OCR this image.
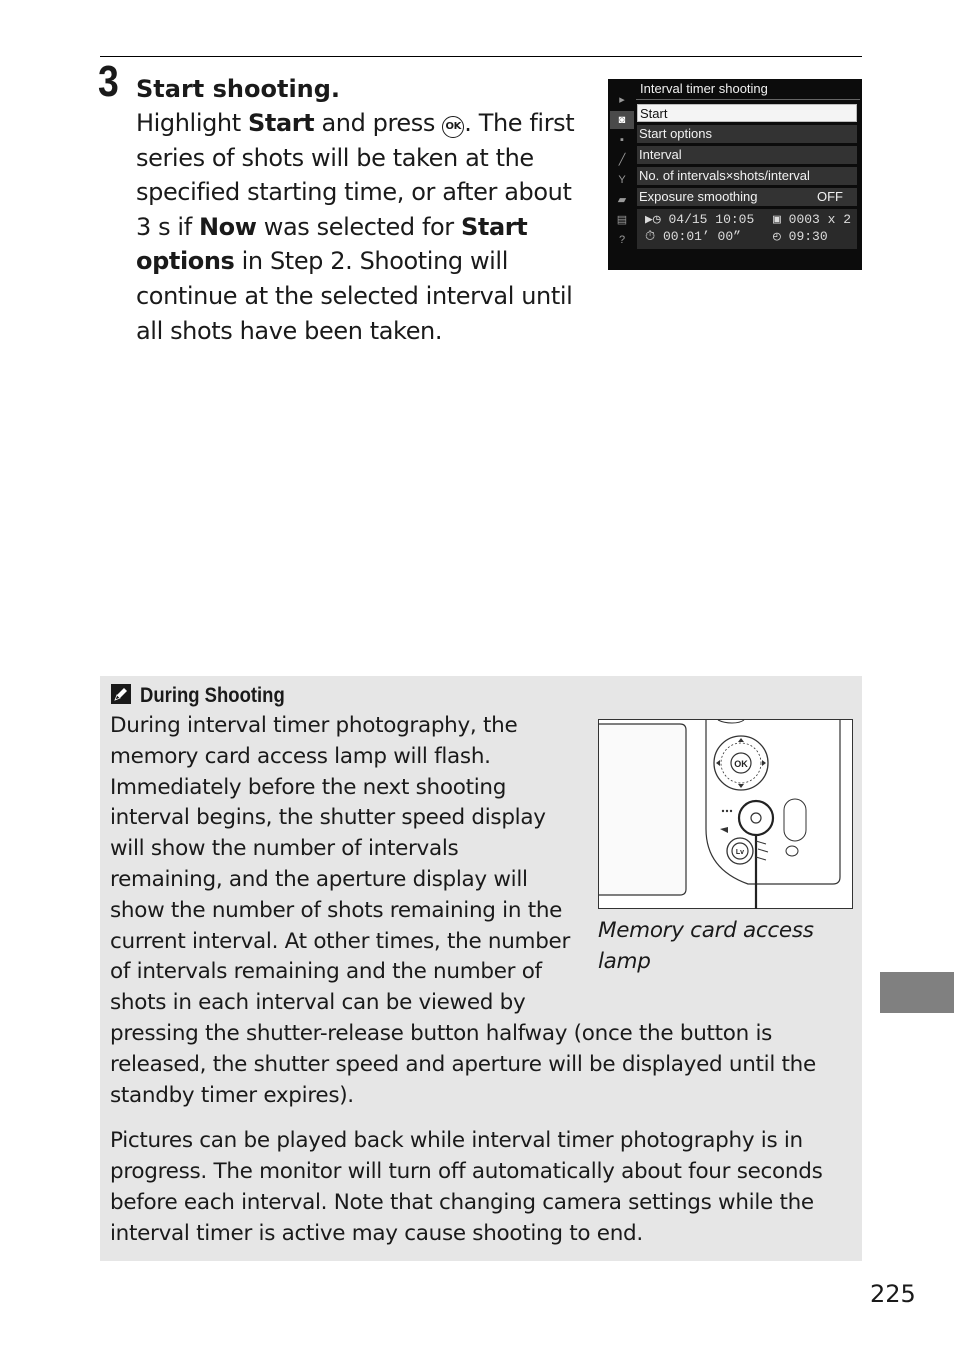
3 Start shooting.
Highlight Start and press OK . The first series of shots will be taken at the specified starting time, or after about 3 s if Now was selected for Start options in Step 2. Shooting will continue at the selected interval until all shots have been taken.
▸
◙
▪
╱
Y
▰
▤
?
Interval timer shooting
Start
Start options
Interval
No. of intervals×shots/interval
Exposure smoothing	OFF
▶◷ 04/15 10:05
⏱ 00:01’ 00”
▣ 0003 x 2
◴ 09:30
During Shooting

During interval timer photography, the memory card access lamp will flash. Immediately before the next shooting interval begins, the shutter speed display will show the number of intervals remaining, and the aperture display will show the number of shots remaining in the current interval. At other times, the number of intervals remaining and the number of shots in each interval can be viewed by pressing the shutter-release button halfway (once the button is released, the shutter speed and aperture will be displayed until the standby timer expires).

Pictures can be played back while interval timer photography is in progress. The monitor will turn off automatically about four seconds before each interval. Note that changing camera settings while the interval timer is active may cause shooting to end.

OK
Lv
Memory card access lamp
225
